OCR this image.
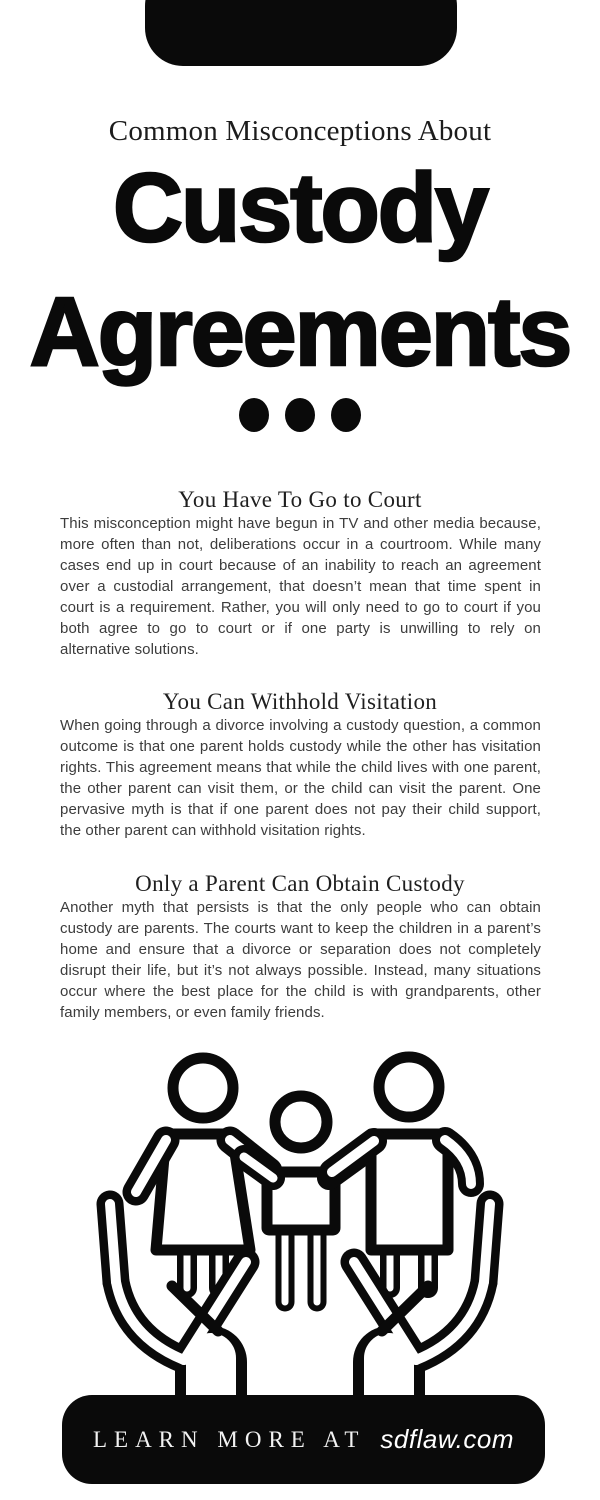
Common Misconceptions About
Custody
Agreements
You Have To Go to Court
This misconception might have begun in TV and other media because, more often than not, deliberations occur in a courtroom. While many cases end up in court because of an inability to reach an agreement over a custodial arrangement, that doesn’t mean that time spent in court is a requirement. Rather, you will only need to go to court if you both agree to go to court or if one party is unwilling to rely on alternative solutions.
You Can Withhold Visitation
When going through a divorce involving a custody question, a common outcome is that one parent holds custody while the other has visitation rights. This agreement means that while the child lives with one parent, the other parent can visit them, or the child can visit the parent. One pervasive myth is that if one parent does not pay their child support, the other parent can withhold visitation rights.
Only a Parent Can Obtain Custody
Another myth that persists is that the only people who can obtain custody are parents. The courts want to keep the children in a parent’s home and ensure that a divorce or separation does not completely disrupt their life, but it’s not always possible. Instead, many situations occur where the best place for the child is with grandparents, other family members, or even family friends.
LEARN MORE AT sdflaw.com
